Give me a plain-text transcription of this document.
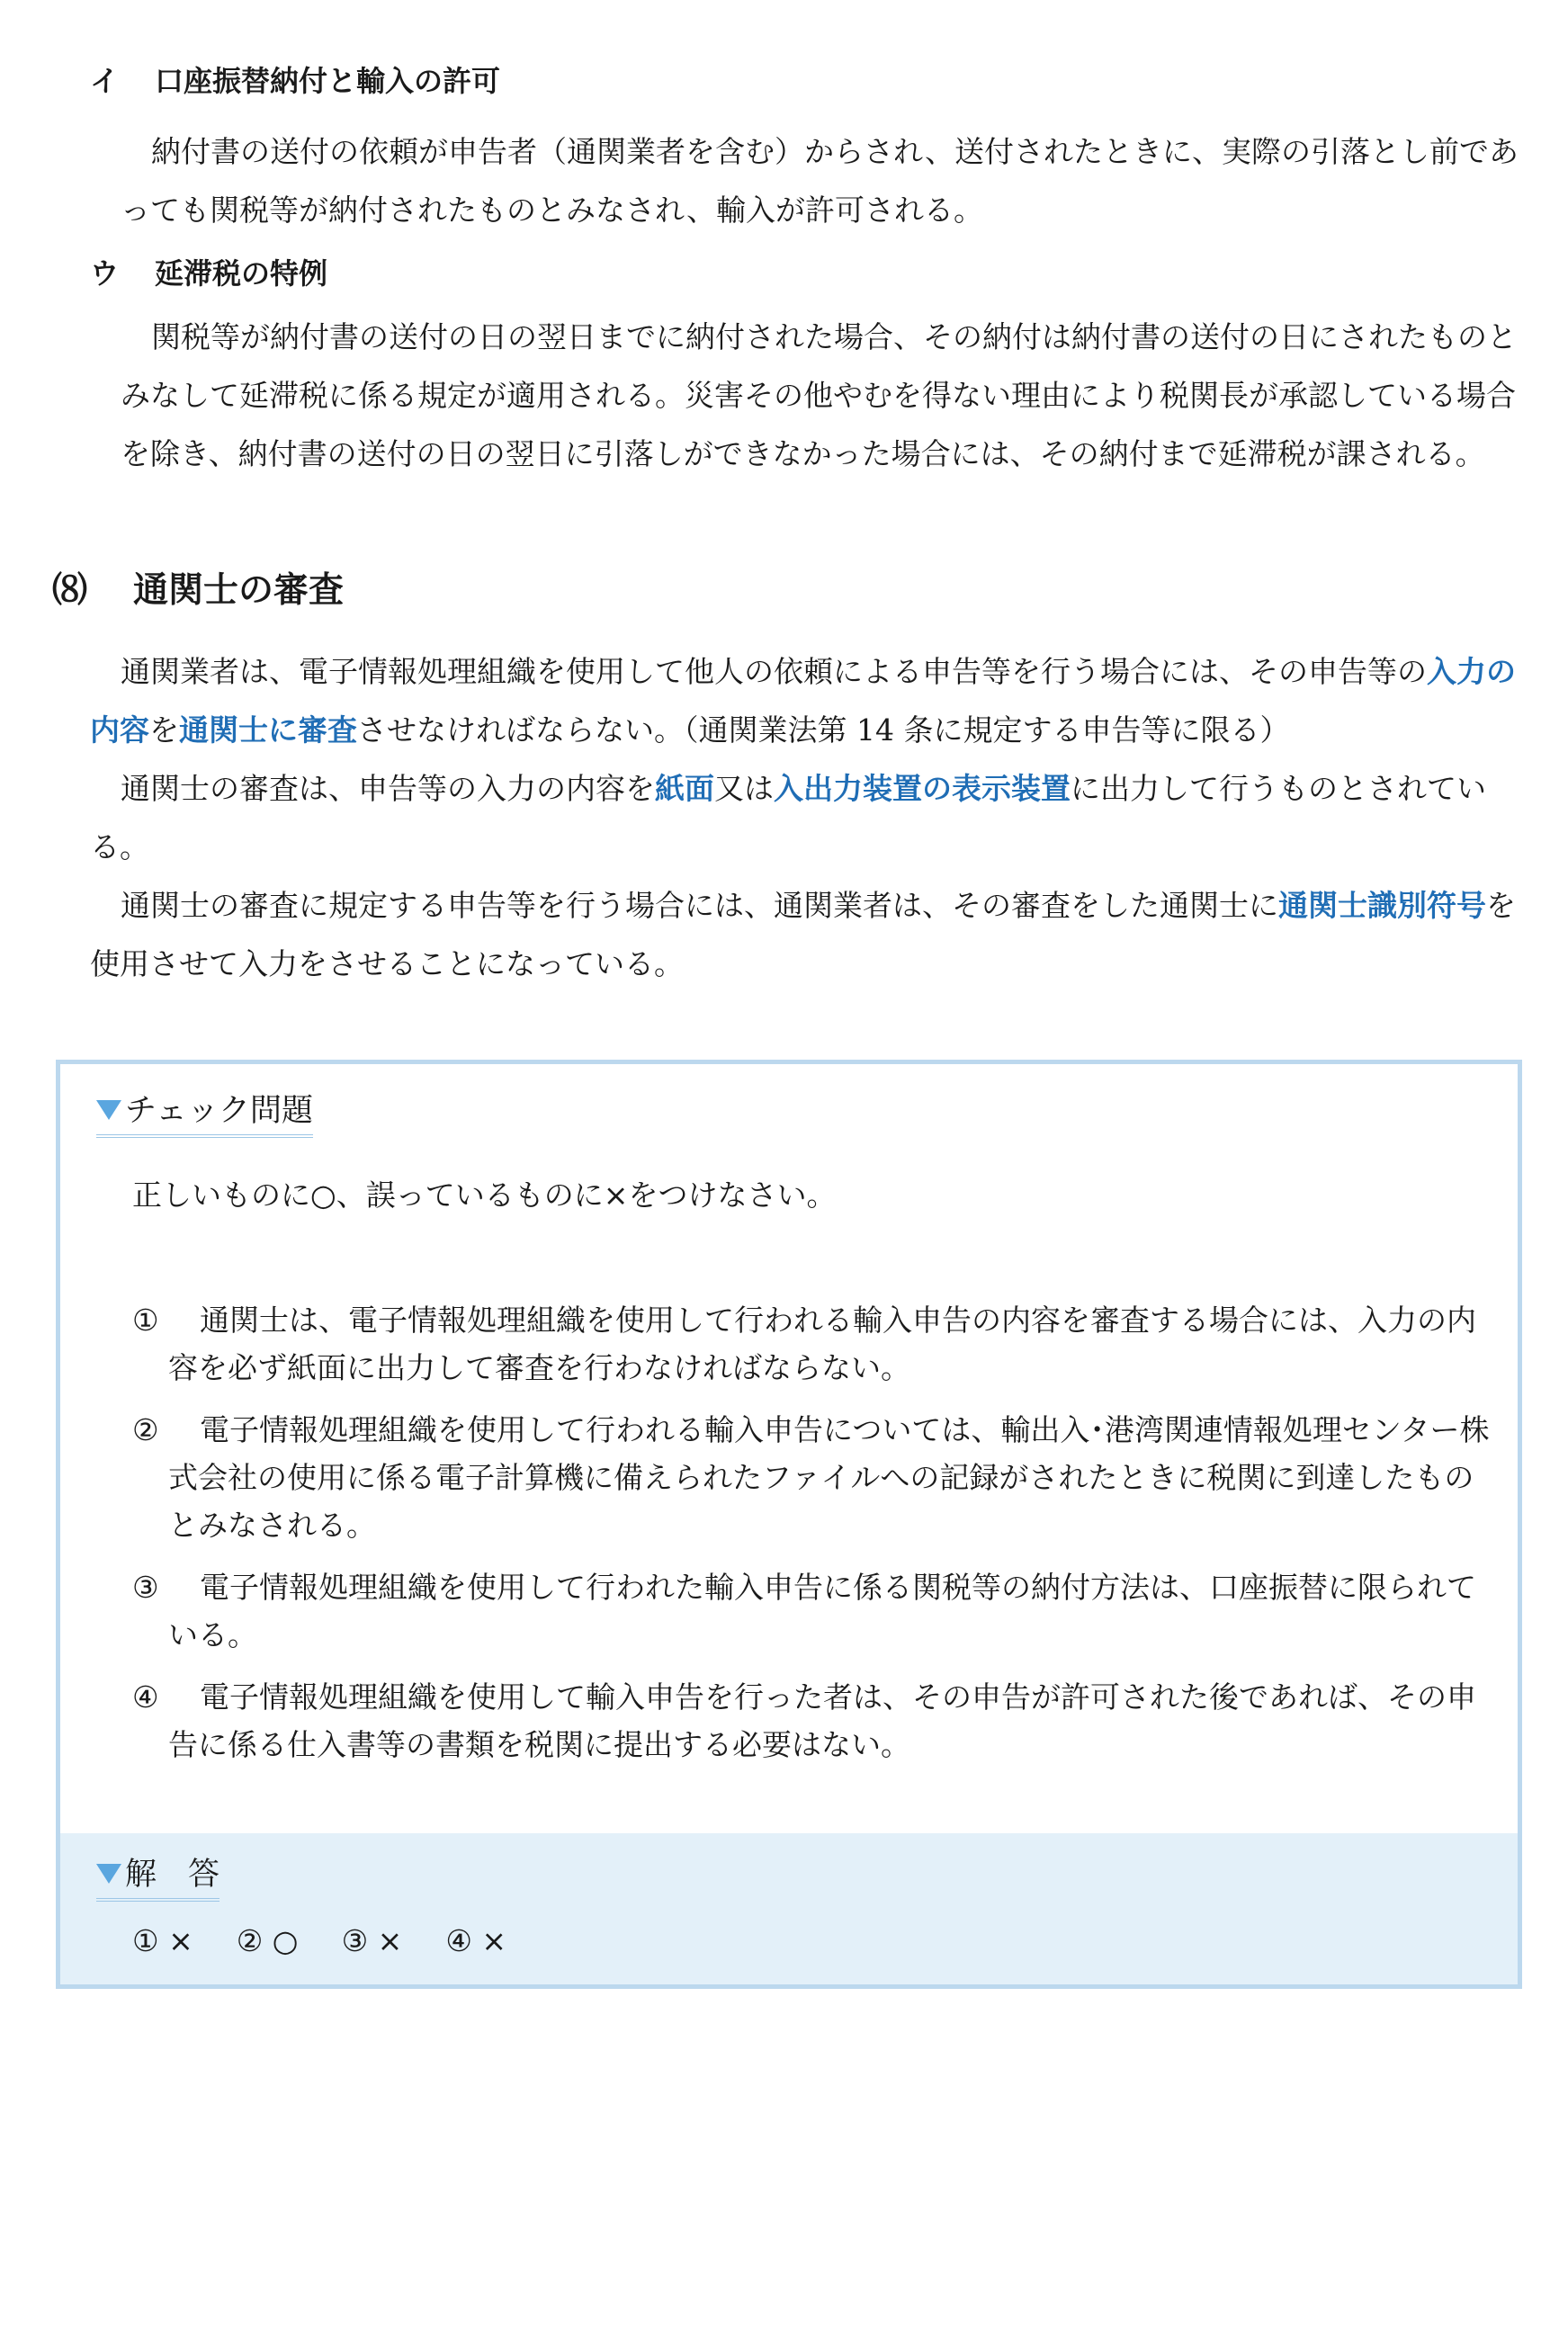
イ 口座振替納付と輸入の許可

納付書の送付の依頼が申告者（通関業者を含む）からされ、送付されたときに、実際の引落とし前であっても関税等が納付されたものとみなされ、輸入が許可される。

ウ 延滞税の特例

関税等が納付書の送付の日の翌日までに納付された場合、その納付は納付書の送付の日にされたものとみなして延滞税に係る規定が適用される。災害その他やむを得ない理由により税関長が承認している場合を除き、納付書の送付の日の翌日に引落しができなかった場合には、その納付まで延滞税が課される。

⑻ 通関士の審査

通関業者は、電子情報処理組織を使用して他人の依頼による申告等を行う場合には、その申告等の入力の内容を通関士に審査させなければならない。（通関業法第 14 条に規定する申告等に限る）

通関士の審査は、申告等の入力の内容を紙面又は入出力装置の表示装置に出力して行うものとされている。

通関士の審査に規定する申告等を行う場合には、通関業者は、その審査をした通関士に通関士識別符号を使用させて入力をさせることになっている。

チェック問題
正しいものに○、誤っているものに×をつけなさい。
① 通関士は、電子情報処理組織を使用して行われる輸入申告の内容を審査する場合には、入力の内容を必ず紙面に出力して審査を行わなければならない。
② 電子情報処理組織を使用して行われる輸入申告については、輸出入･港湾関連情報処理センター株式会社の使用に係る電子計算機に備えられたファイルへの記録がされたときに税関に到達したものとみなされる。
③ 電子情報処理組織を使用して行われた輸入申告に係る関税等の納付方法は、口座振替に限られている。
④ 電子情報処理組織を使用して輸入申告を行った者は、その申告が許可された後であれば、その申告に係る仕入書等の書類を税関に提出する必要はない。
解　答
① × ② ○ ③ × ④ ×
